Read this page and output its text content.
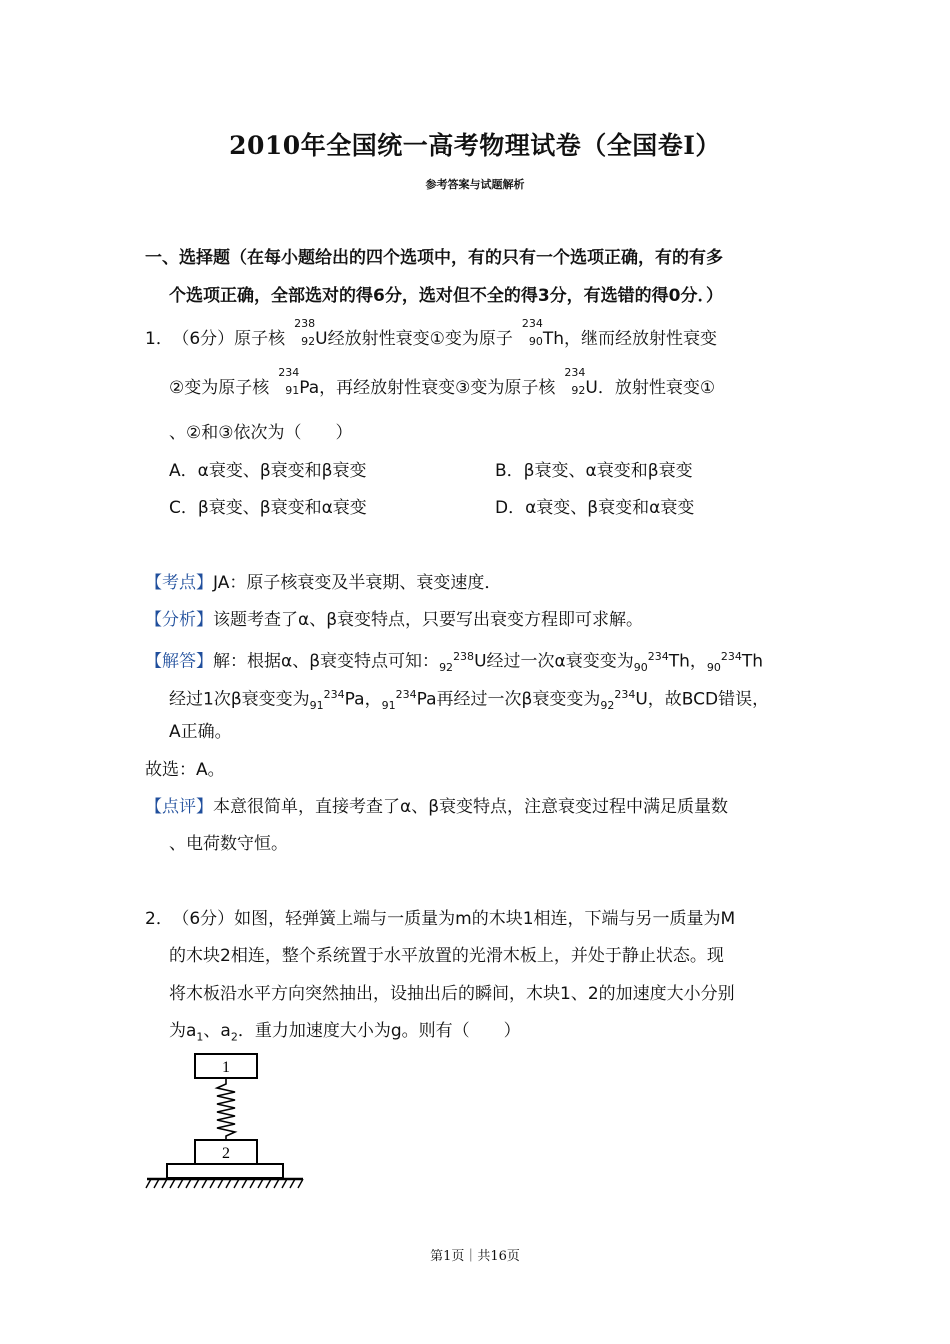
2010年全国统一高考物理试卷（全国卷Ⅰ）
参考答案与试题解析
一、选择题（在每小题给出的四个选项中，有的只有一个选项正确，有的有多
个选项正确，全部选对的得6分，选对但不全的得3分，有选错的得0分．）
1． （6分）原子核
238
92 U经放射性衰变①变为原子
234
90 Th，继而经放射性衰变
②变为原子核
234
91 Pa，再经放射性衰变③变为原子核
234
92 U．放射性衰变①
、②和③依次为（　　）
A．α衰变、β衰变和β衰变	B．β衰变、α衰变和β衰变
C．β衰变、β衰变和α衰变	D．α衰变、β衰变和α衰变
【考点】JA：原子核衰变及半衰期、衰变速度．
【分析】该题考查了α、β衰变特点，只要写出衰变方程即可求解。
【解答】解：根据α、β衰变特点可知：$_{92}^{238}$U经过一次α衰变变为$_{90}^{234}$Th，$_{90}^{234}$Th
经过1次β衰变变为$_{91}^{234}$Pa，$_{91}^{234}$Pa再经过一次β衰变变为$_{92}^{234}$U，故BCD错误，
A正确。
故选：A。
【点评】本意很简单，直接考查了α、β衰变特点，注意衰变过程中满足质量数
、电荷数守恒。
2． （6分）如图，轻弹簧上端与一质量为m的木块1相连，下端与另一质量为M
的木块2相连，整个系统置于水平放置的光滑木板上，并处于静止状态。现
将木板沿水平方向突然抽出，设抽出后的瞬间，木块1、2的加速度大小分别
为$a_1$、$a_2$．重力加速度大小为g。则有（　　）
1
2
第1页｜共16页
